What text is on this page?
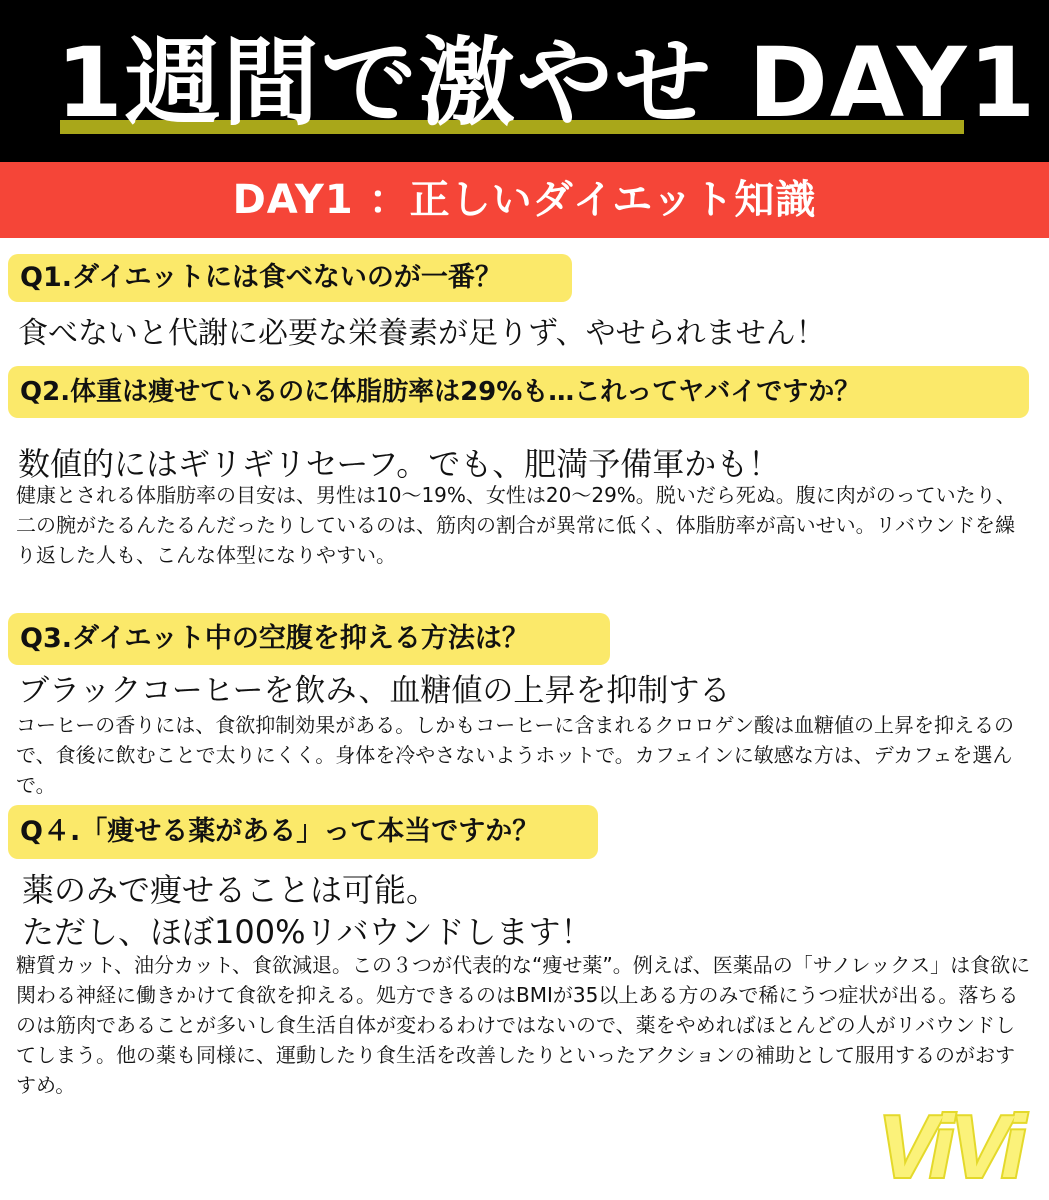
1週間で激やせ DAY1
DAY1 ：正しいダイエット知識
Q1.ダイエットには食べないのが一番？
食べないと代謝に必要な栄養素が足りず、やせられません！
Q2.体重は痩せているのに体脂肪率は29%も…これってヤバイですか？
数値的にはギリギリセーフ。でも、肥満予備軍かも！
健康とされる体脂肪率の目安は、男性は10〜19%、女性は20〜29%。脱いだら死ぬ。腹に肉がのっていたり、二の腕がたるんたるんだったりしているのは、筋肉の割合が異常に低く、体脂肪率が高いせい。リバウンドを繰り返した人も、こんな体型になりやすい。
Q3.ダイエット中の空腹を抑える方法は？
ブラックコーヒーを飲み、血糖値の上昇を抑制する
コーヒーの香りには、食欲抑制効果がある。しかもコーヒーに含まれるクロロゲン酸は血糖値の上昇を抑えるので、食後に飲むことで太りにくく。身体を冷やさないようホットで。カフェインに敏感な方は、デカフェを選んで。
Q４.「痩せる薬がある」って本当ですか？
薬のみで痩せることは可能。
ただし、ほぼ100%リバウンドします！
糖質カット、油分カット、食欲減退。この３つが代表的な“痩せ薬”。例えば、医薬品の「サノレックス」は食欲に関わる神経に働きかけて食欲を抑える。処方できるのはBMIが35以上ある方のみで稀にうつ症状が出る。落ちるのは筋肉であることが多いし食生活自体が変わるわけではないので、薬をやめればほとんどの人がリバウンドしてしまう。他の薬も同様に、運動したり食生活を改善したりといったアクションの補助として服用するのがおすすめ。
ViVi
